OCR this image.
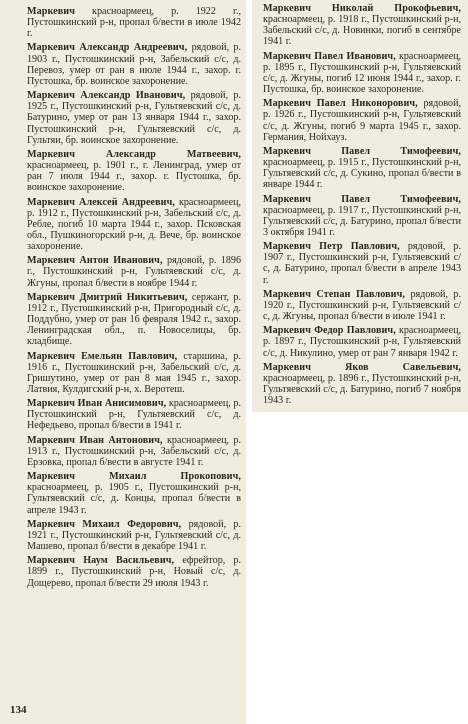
Маркевич красноармеец, р. 1922 г., Пустошкинский р-н, пропал б/вести в июле 1942 г.

Маркевич Александр Андреевич, рядовой, р. 1903 г., Пустошкинский р-н, Забельский с/с, д. Перевоз, умер от ран в июле 1944 г., захор. г. Пустошка, бр. воинское захоронение.

Маркевич Александр Иванович, рядовой, р. 1925 г., Пустошкинский р-н, Гультяевский с/с, д. Батурино, умер от ран 13 января 1944 г., захор. Пустошкинский р-н, Гультяевский с/с, д. Гультяи, бр. воинское захоронение.

Маркевич Александр Матвеевич, красноармеец, р. 1901 г., г. Ленинград, умер от ран 7 июля 1944 г., захор. г. Пустошка, бр. воинское захоронение.

Маркевич Алексей Андреевич, красноармеец, р. 1912 г., Пустошкинский р-н, Забельский с/с, д. Ребле, погиб 10 марта 1944 г., захор. Псковская обл., Пушкиногорский р-н, д. Вече, бр. воинское захоронение.

Маркевич Антон Иванович, рядовой, р. 1896 г., Пустошкинский р-н, Гультяевский с/с, д. Жгуны, пропал б/вести в ноябре 1944 г.

Маркевич Дмитрий Никитьевич, сержант, р. 1912 г., Пустошкинский р-н, Пригородный с/с, д. Поддубно, умер от ран 16 февраля 1942 г., захор. Ленинградская обл., п. Новоселицы, бр. кладбище.

Маркевич Емельян Павлович, старшина, р. 1916 г., Пустошкинский р-н, Забельский с/с, д. Гришутино, умер от ран 8 мая 1945 г., захор. Латвия, Кулдигский р-н, х. Веротеш.

Маркевич Иван Анисимович, красноармеец, р. Пустошкинский р-н, Гультяевский с/с, д. Нефедьево, пропал б/вести в 1941 г.

Маркевич Иван Антонович, красноармеец, р. 1913 г., Пустошкинский р-н, Забельский с/с, д. Ерзовка, пропал б/вести в августе 1941 г.

Маркевич Михаил Прокопович, красноармеец, р. 1905 г., Пустошкинский р-н, Гультяевский с/с, д. Концы, пропал б/вести в апреле 1943 г.

Маркевич Михаил Федорович, рядовой, р. 1921 г., Пустошкинский р-н, Гультяевский с/с, д. Машево, пропал б/вести в декабре 1941 г.

Маркевич Наум Васильевич, ефрейтор, р. 1899 г., Пустошкинский р-н, Новый с/с, д. Дощерево, пропал б/вести 29 июля 1943 г.

Маркевич Николай Прокофьевич, красноармеец, р. 1918 г., Пустошкинский р-н, Забельский с/с, д. Новинки, погиб в сентябре 1941 г.

Маркевич Павел Иванович, красноармеец, р. 1895 г., Пустошкинский р-н, Гультяевский с/с, д. Жгуны, погиб 12 июня 1944 г., захор. г. Пустошка, бр. воинское захоронение.

Маркевич Павел Никонорович, рядовой, р. 1926 г., Пустошкинский р-н, Гультяевский с/с, д. Жгуны, погиб 9 марта 1945 г., захор. Германия, Нойхауз.

Маркевич Павел Тимофеевич, красноармеец, р. 1915 г., Пустошкинский р-н, Гультяевский с/с, д. Сукино, пропал б/вести в январе 1944 г.

Маркевич Павел Тимофеевич, красноармеец, р. 1917 г., Пустошкинский р-н, Гультяевский с/с, д. Батурино, пропал б/вести 3 октября 1941 г.

Маркевич Петр Павлович, рядовой, р. 1907 г., Пустошкинский р-н, Гультяевский с/с, д. Батурино, пропал б/вести в апреле 1943 г.

Маркевич Степан Павлович, рядовой, р. 1920 г., Пустошкинский р-н, Гультяевский с/с, д. Жгуны, пропал б/вести в июле 1941 г.

Маркевич Федор Павлович, красноармеец, р. 1897 г., Пустошкинский р-н, Гультяевский с/с, д. Никулино, умер от ран 7 января 1942 г.

Маркевич Яков Савельевич, красноармеец, р. 1896 г., Пустошкинский р-н, Гультяевский с/с, д. Батурино, погиб 7 ноября 1943 г.

134
